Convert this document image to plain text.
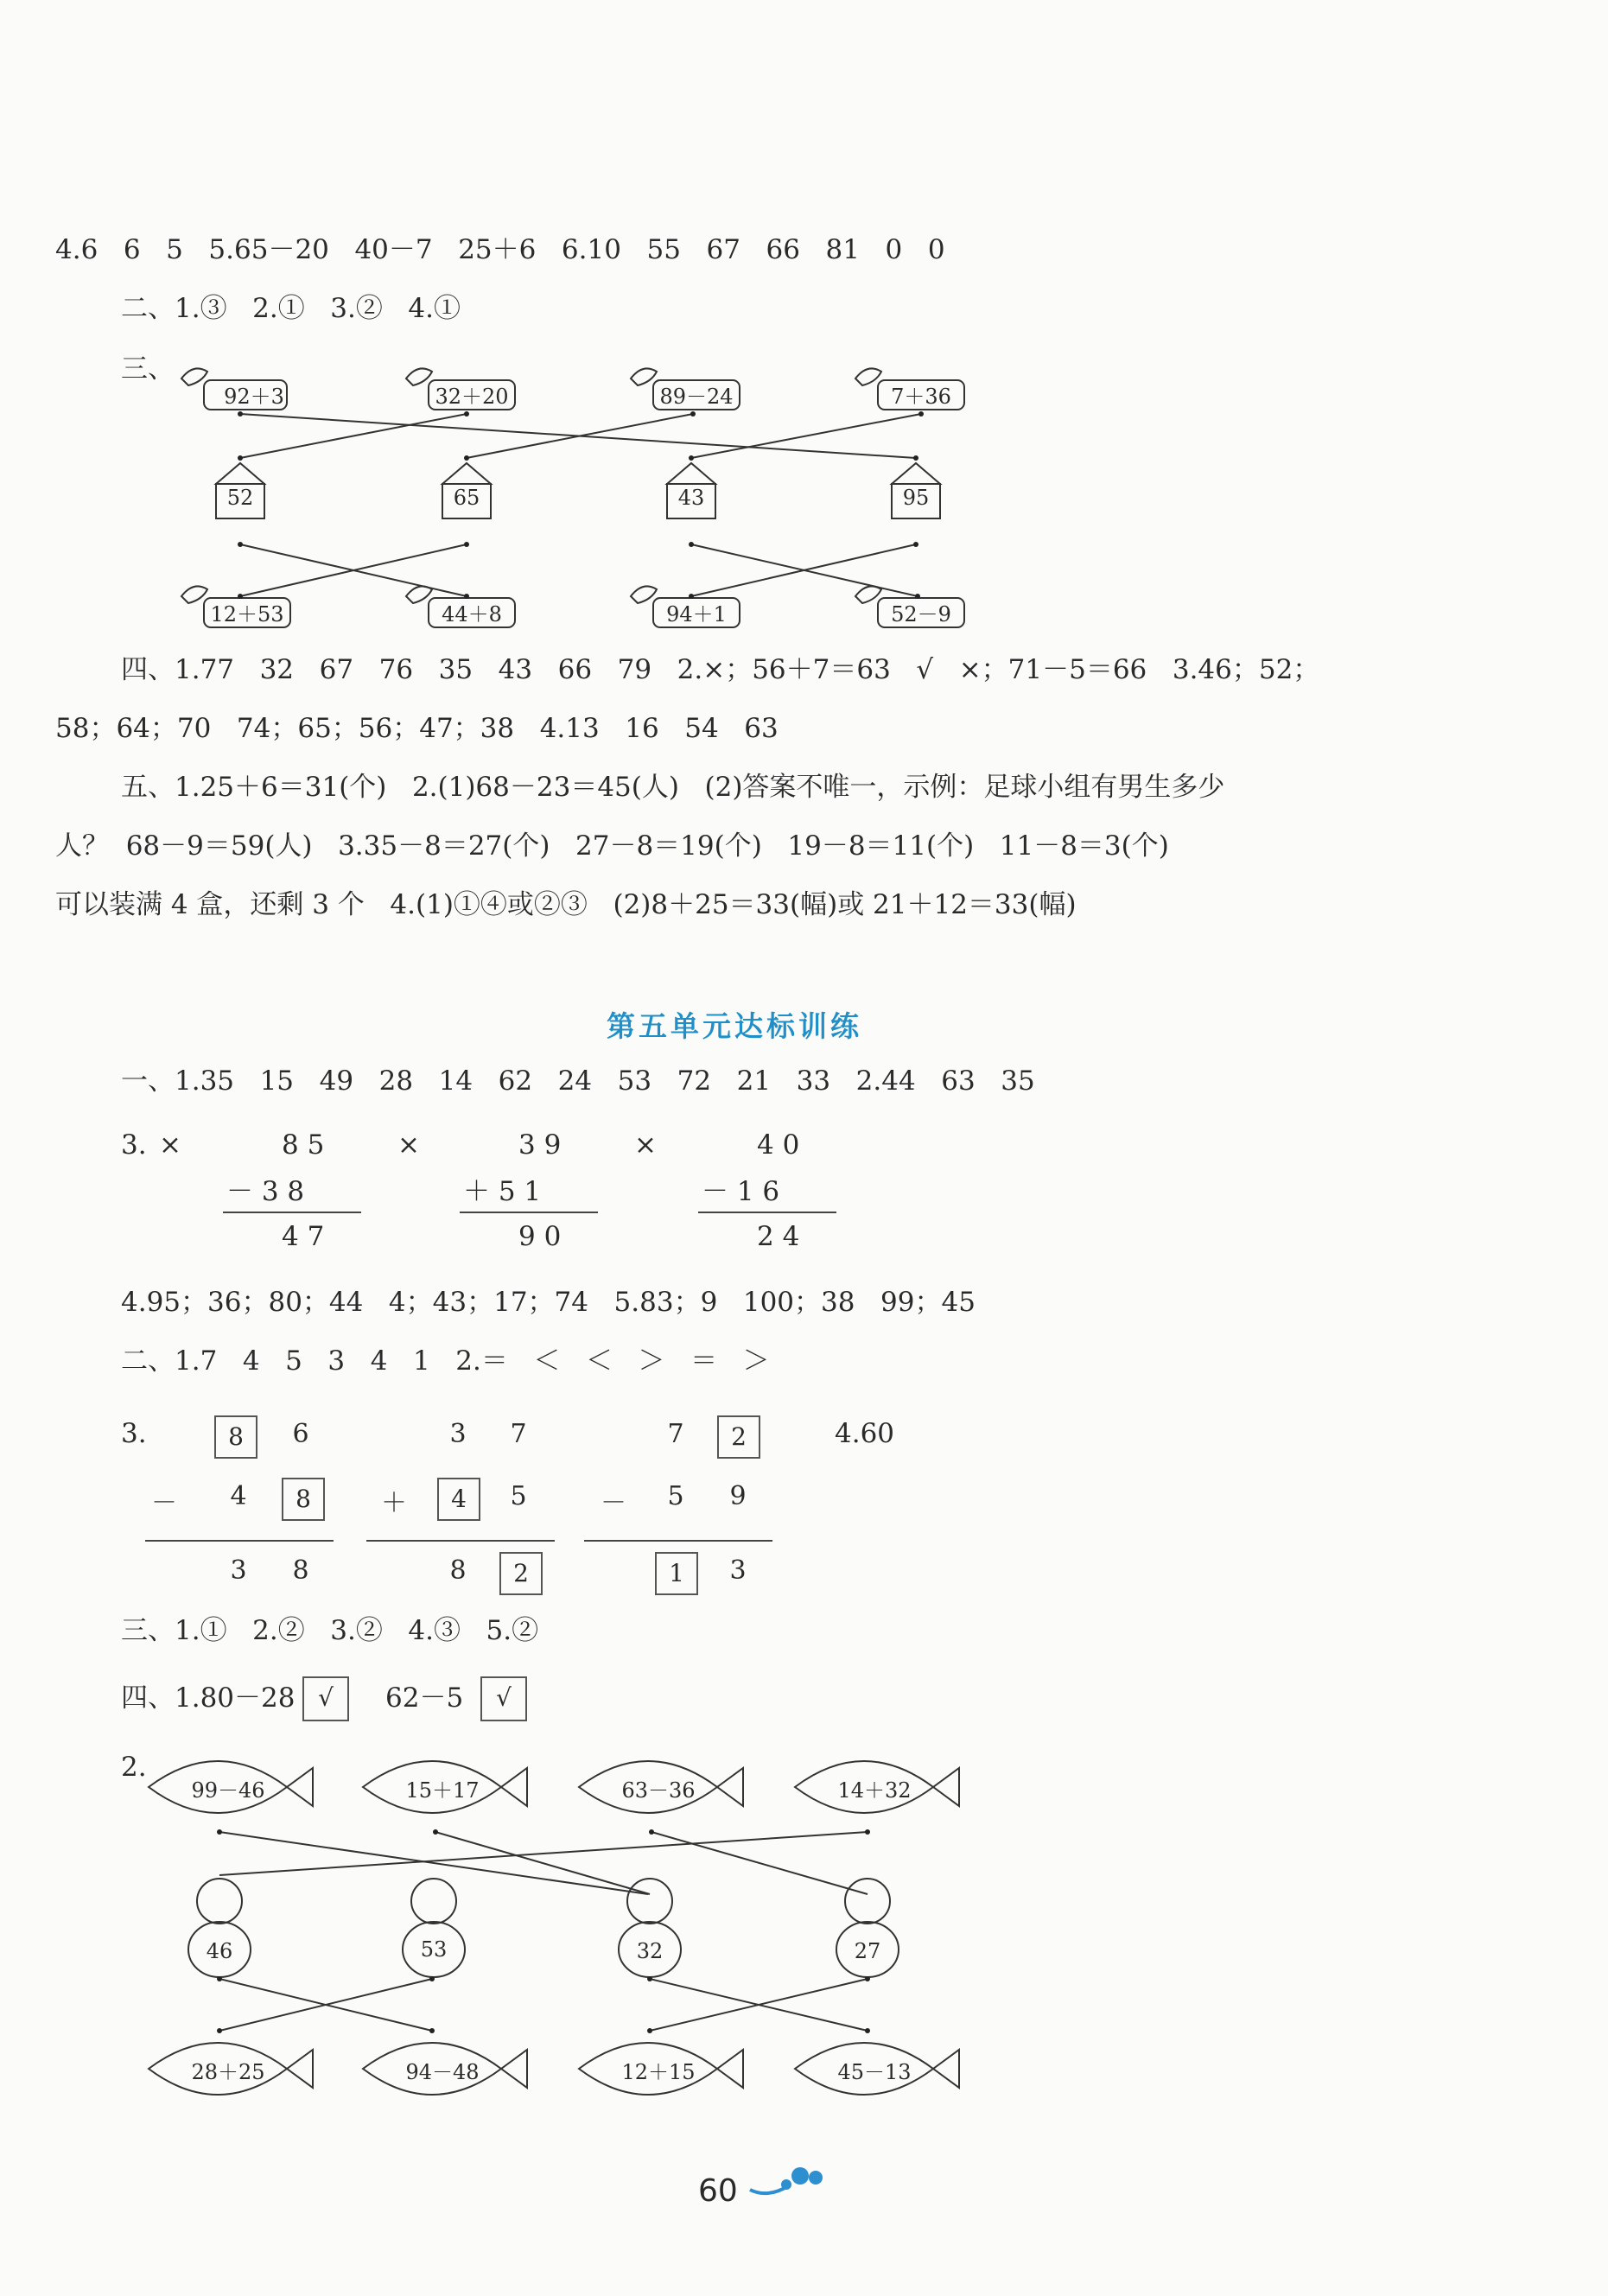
4.6   6   5   5.65－20   40－7   25＋6   6.10   55   67   66   81   0   0
二、1.③   2.①   3.②   4.①
三、
92＋3	32＋20	89－24	7＋36
52	65	43	95
12＋53	44＋8	94＋1	52－9
四、1.77   32   67   76   35   43   66   79   2.×；56＋7＝63   √   ×；71－5＝66   3.46；52；
58；64；70   74；65；56；47；38   4.13   16   54   63
五、1.25＋6＝31(个)   2.(1)68－23＝45(人)   (2)答案不唯一，示例：足球小组有男生多少
人？  68－9＝59(人)   3.35－8＝27(个)   27－8＝19(个)   19－8＝11(个)   11－8＝3(个)
可以装满 4 盒，还剩 3 个   4.(1)①④或②③   (2)8＋25＝33(幅)或 21＋12＝33(幅)
第五单元达标训练
一、1.35   15   49   28   14   62   24   53   72   21   33   2.44   63   35
3. ×	×	×
8 5
－ 3 8
4 7
3 9
＋ 5 1
9 0
4 0
－ 1 6
2 4
4.95；36；80；44   4；43；17；74   5.83；9   100；38   99；45
二、1.7   4   5   3   4   1   2.＝   ＜   ＜   ＞   ＝   ＞
3.	8	6
－	4	8
3	8
3	7
＋	4	5
8	2
7	2
－	5	9
1	3
4.60
三、1.①   2.②   3.②   4.③   5.②
四、1.80－28 √	62－5	√
2.
99－46	15＋17	63－36	14＋32
46	53	32	27
28＋25	94－48	12＋15	45－13
60
